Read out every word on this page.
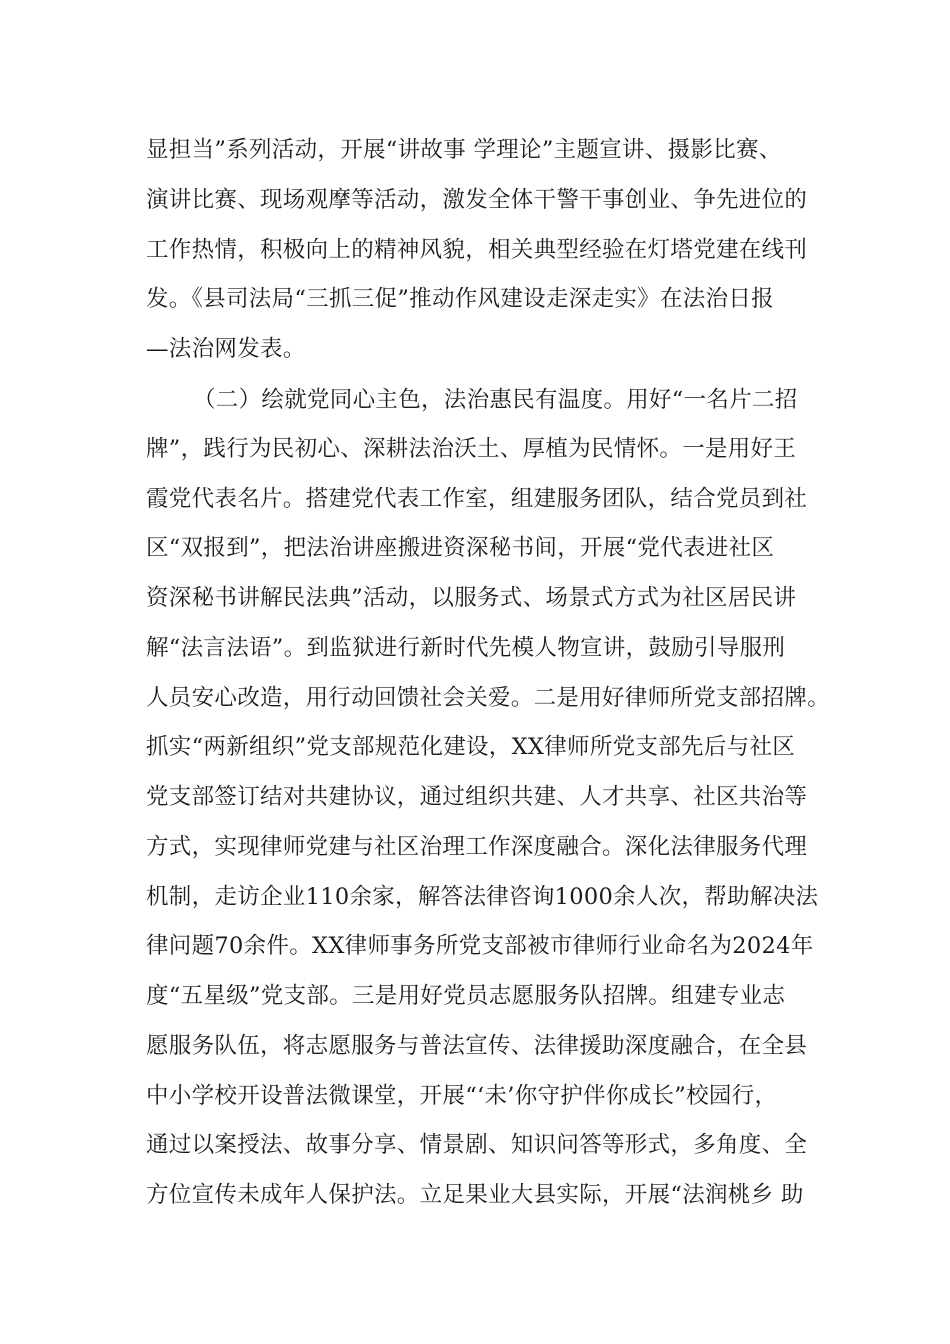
显担当”系列活动，开展“讲故事 学理论”主题宣讲、摄影比赛、
演讲比赛、现场观摩等活动，激发全体干警干事创业、争先进位的
工作热情，积极向上的精神风貌，相关典型经验在灯塔党建在线刊
发。《县司法局“三抓三促”推动作风建设走深走实》在法治日报
—法治网发表。
（二）绘就党同心主色，法治惠民有温度。用好“一名片二招
牌”，践行为民初心、深耕法治沃土、厚植为民情怀。一是用好王
霞党代表名片。搭建党代表工作室，组建服务团队，结合党员到社
区“双报到”，把法治讲座搬进资深秘书间，开展“党代表进社区
资深秘书讲解民法典”活动，以服务式、场景式方式为社区居民讲
解“法言法语”。到监狱进行新时代先模人物宣讲，鼓励引导服刑
人员安心改造，用行动回馈社会关爱。二是用好律师所党支部招牌。
抓实“两新组织”党支部规范化建设，XX律师所党支部先后与社区
党支部签订结对共建协议，通过组织共建、人才共享、社区共治等
方式，实现律师党建与社区治理工作深度融合。深化法律服务代理
机制，走访企业110余家，解答法律咨询1000余人次，帮助解决法
律问题70余件。XX律师事务所党支部被市律师行业命名为2024年
度“五星级”党支部。三是用好党员志愿服务队招牌。组建专业志
愿服务队伍，将志愿服务与普法宣传、法律援助深度融合，在全县
中小学校开设普法微课堂，开展“‘未’你守护伴你成长”校园行，
通过以案授法、故事分享、情景剧、知识问答等形式，多角度、全
方位宣传未成年人保护法。立足果业大县实际，开展“法润桃乡 助
